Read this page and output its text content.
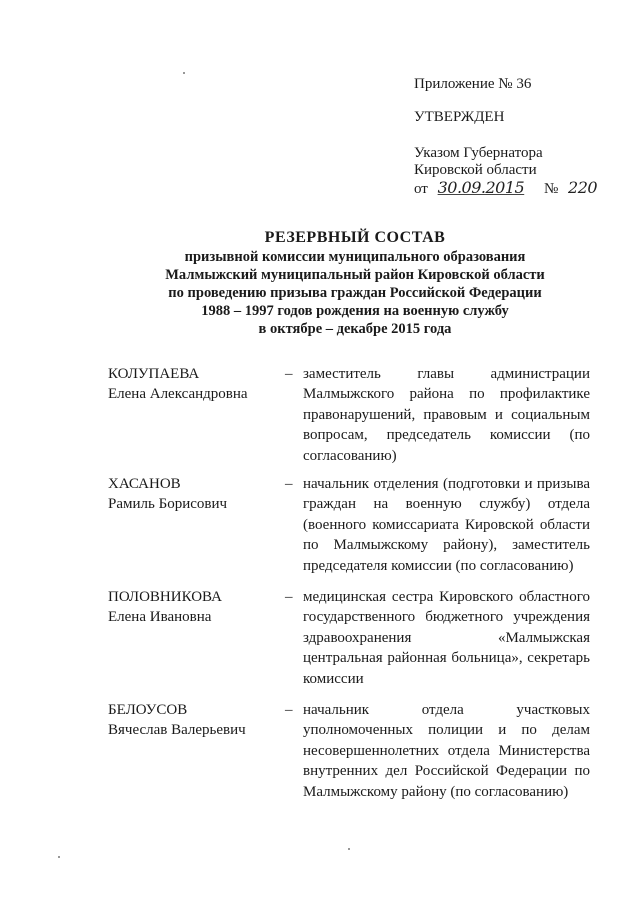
Приложение № 36
УТВЕРЖДЕН
Указом Губернатора
Кировской области
от 30.09.2015 № 220
РЕЗЕРВНЫЙ СОСТАВ
призывной комиссии муниципального образования
Малмыжский муниципальный район Кировской области
по проведению призыва граждан Российской Федерации
1988 – 1997 годов рождения на военную службу
в октябре – декабре 2015 года
КОЛУПАЕВА
Елена Александровна
– заместитель главы администрации Малмыжского района по профилактике правонарушений, правовым и социальным вопросам, председатель комиссии (по согласованию)
ХАСАНОВ
Рамиль Борисович
– начальник отделения (подготовки и призыва граждан на военную службу) отдела (военного комиссариата Кировской области по Малмыжскому району), заместитель председателя комиссии (по согласованию)
ПОЛОВНИКОВА
Елена Ивановна
– медицинская сестра Кировского областного государственного бюджетного учреждения здравоохранения «Малмыжская центральная районная больница», секретарь комиссии
БЕЛОУСОВ
Вячеслав Валерьевич
– начальник отдела участковых уполномоченных полиции и по делам несовершеннолетних отдела Министерства внутренних дел Российской Федерации по Малмыжскому району (по согласованию)
